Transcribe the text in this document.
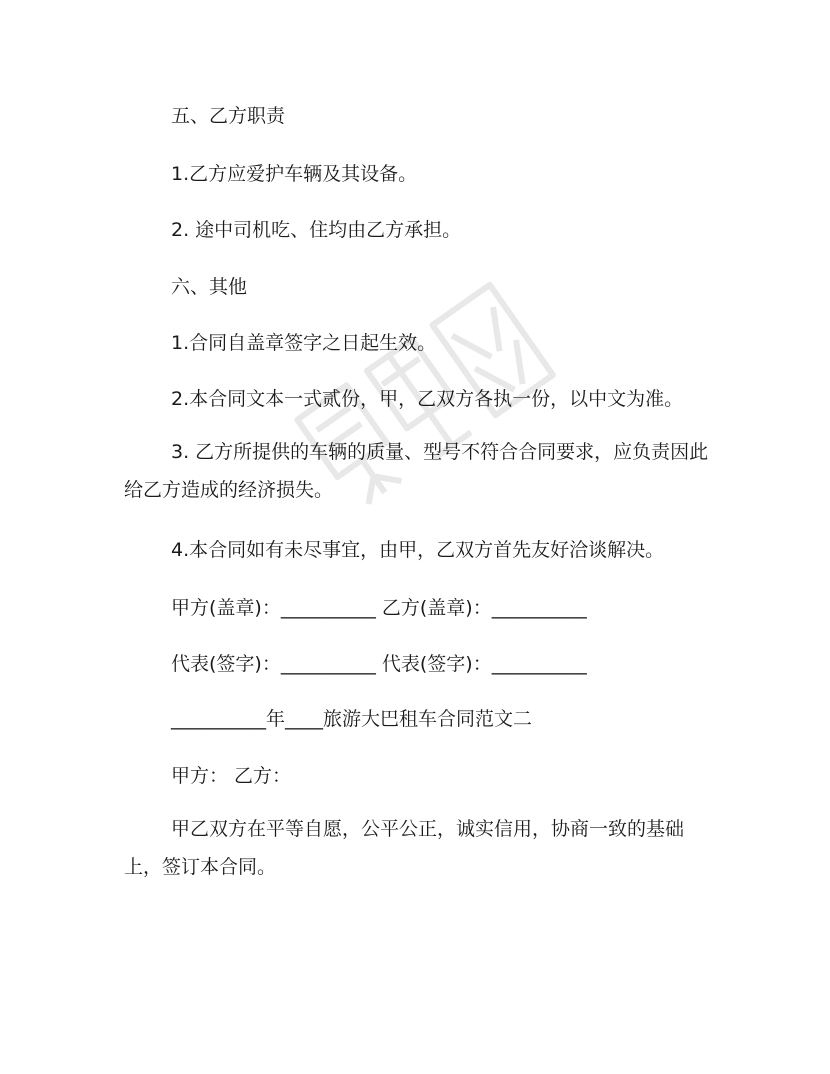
五、乙方职责
1.乙方应爱护车辆及其设备。
2. 途中司机吃、住均由乙方承担。
六、其他
1.合同自盖章签字之日起生效。
2.本合同文本一式贰份，甲，乙双方各执一份，以中文为准。
3. 乙方所提供的车辆的质量、型号不符合合同要求，应负责因此给乙方造成的经济损失。
4.本合同如有未尽事宜，由甲，乙双方首先友好洽谈解决。
甲方(盖章)：__________ 乙方(盖章)：__________
代表(签字)：__________ 代表(签字)：__________
__________年____旅游大巴租车合同范文二
甲方： 乙方：
甲乙双方在平等自愿，公平公正，诚实信用，协商一致的基础上，签订本合同。
